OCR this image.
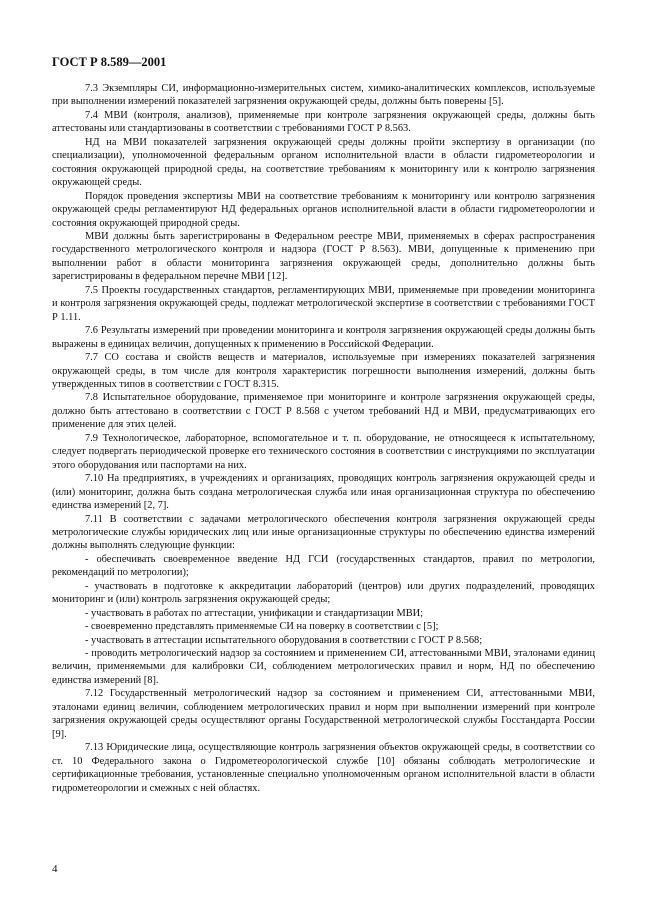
ГОСТ Р 8.589—2001

7.3 Экземпляры СИ, информационно-измерительных систем, химико-аналитических комплексов, используемые при выполнении измерений показателей загрязнения окружающей среды, должны быть поверены [5].

7.4 МВИ (контроля, анализов), применяемые при контроле загрязнения окружающей среды, должны быть аттестованы или стандартизованы в соответствии с требованиями ГОСТ Р 8.563.

НД на МВИ показателей загрязнения окружающей среды должны пройти экспертизу в организации (по специализации), уполномоченной федеральным органом исполнительной власти в области гидрометеорологии и состояния окружающей природной среды, на соответствие требованиям к мониторингу или к контролю загрязнения окружающей среды.

Порядок проведения экспертизы МВИ на соответствие требованиям к мониторингу или контролю загрязнения окружающей среды регламентируют НД федеральных органов исполнительной власти в области гидрометеорологии и состояния окружающей природной среды.

МВИ должны быть зарегистрированы в Федеральном реестре МВИ, применяемых в сферах распространения государственного метрологического контроля и надзора (ГОСТ Р 8.563). МВИ, допущенные к применению при выполнении работ в области мониторинга загрязнения окружающей среды, дополнительно должны быть зарегистрированы в федеральном перечне МВИ [12].

7.5 Проекты государственных стандартов, регламентирующих МВИ, применяемые при проведении мониторинга и контроля загрязнения окружающей среды, подлежат метрологической экспертизе в соответствии с требованиями ГОСТ Р 1.11.

7.6 Результаты измерений при проведении мониторинга и контроля загрязнения окружающей среды должны быть выражены в единицах величин, допущенных к применению в Российской Федерации.

7.7 СО состава и свойств веществ и материалов, используемые при измерениях показателей загрязнения окружающей среды, в том числе для контроля характеристик погрешности выполнения измерений, должны быть утвержденных типов в соответствии с ГОСТ 8.315.

7.8 Испытательное оборудование, применяемое при мониторинге и контроле загрязнения окружающей среды, должно быть аттестовано в соответствии с ГОСТ Р 8.568 с учетом требований НД и МВИ, предусматривающих его применение для этих целей.

7.9 Технологическое, лабораторное, вспомогательное и т. п. оборудование, не относящееся к испытательному, следует подвергать периодической проверке его технического состояния в соответствии с инструкциями по эксплуатации этого оборудования или паспортами на них.

7.10 На предприятиях, в учреждениях и организациях, проводящих контроль загрязнения окружающей среды и (или) мониторинг, должна быть создана метрологическая служба или иная организационная структура по обеспечению единства измерений [2, 7].

7.11 В соответствии с задачами метрологического обеспечения контроля загрязнения окружающей среды метрологические службы юридических лиц или иные организационные структуры по обеспечению единства измерений должны выполнять следующие функции:

- обеспечивать своевременное введение НД ГСИ (государственных стандартов, правил по метрологии, рекомендаций по метрологии);

- участвовать в подготовке к аккредитации лабораторий (центров) или других подразделений, проводящих мониторинг и (или) контроль загрязнения окружающей среды;

- участвовать в работах по аттестации, унификации и стандартизации МВИ;

- своевременно представлять применяемые СИ на поверку в соответствии с [5];

- участвовать в аттестации испытательного оборудования в соответствии с ГОСТ Р 8.568;

- проводить метрологический надзор за состоянием и применением СИ, аттестованными МВИ, эталонами единиц величин, применяемыми для калибровки СИ, соблюдением метрологических правил и норм, НД по обеспечению единства измерений [8].

7.12 Государственный метрологический надзор за состоянием и применением СИ, аттестованными МВИ, эталонами единиц величин, соблюдением метрологических правил и норм при выполнении измерений при контроле загрязнения окружающей среды осуществляют органы Государственной метрологической службы Госстандарта России [9].

7.13 Юридические лица, осуществляющие контроль загрязнения объектов окружающей среды, в соответствии со ст. 10 Федерального закона о Гидрометеорологической службе [10] обязаны соблюдать метрологические и сертификационные требования, установленные специально уполномоченным органом исполнительной власти в области гидрометеорологии и смежных с ней областях.

4
